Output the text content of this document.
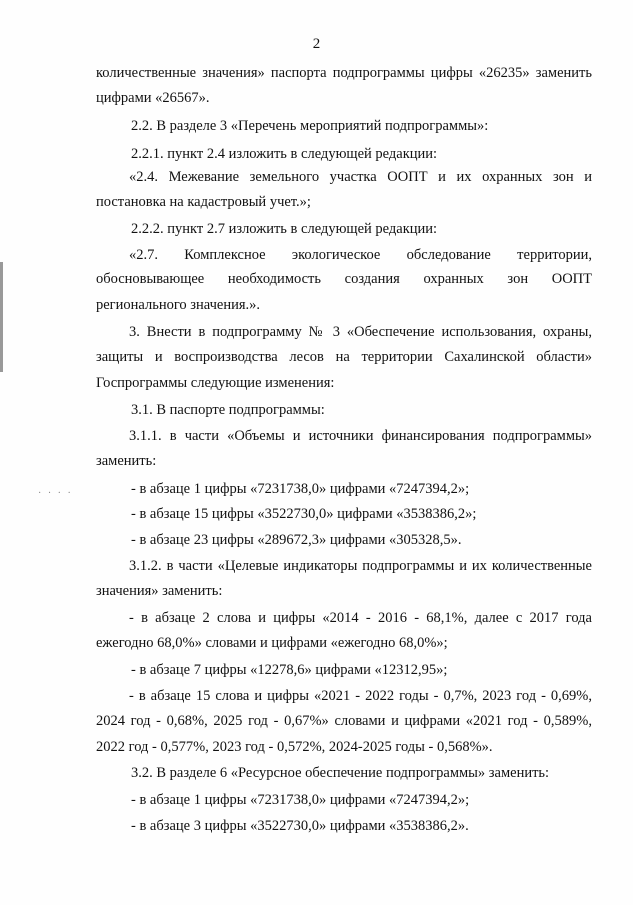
2
· · · ·
количественные значения» паспорта подпрограммы цифры «26235» заменить
цифрами «26567».
2.2. В разделе 3 «Перечень мероприятий подпрограммы»:
2.2.1. пункт 2.4 изложить в следующей редакции:
«2.4. Межевание земельного участка ООПТ и их охранных зон и
постановка на кадастровый учет.»;
2.2.2. пункт 2.7 изложить в следующей редакции:
«2.7. Комплексное экологическое обследование территории,
обосновывающее необходимость создания охранных зон ООПТ
регионального значения.».
3. Внести в подпрограмму № 3 «Обеспечение использования, охраны,
защиты и воспроизводства лесов на территории Сахалинской области»
Госпрограммы следующие изменения:
3.1. В паспорте подпрограммы:
3.1.1. в части «Объемы и источники финансирования подпрограммы»
заменить:
- в абзаце 1 цифры «7231738,0» цифрами «7247394,2»;
- в абзаце 15 цифры «3522730,0» цифрами «3538386,2»;
- в абзаце 23 цифры «289672,3» цифрами «305328,5».
3.1.2. в части «Целевые индикаторы подпрограммы и их количественные
значения» заменить:
- в абзаце 2 слова и цифры «2014 - 2016 - 68,1%, далее с 2017 года
ежегодно 68,0%» словами и цифрами «ежегодно 68,0%»;
- в абзаце 7 цифры «12278,6» цифрами «12312,95»;
- в абзаце 15 слова и цифры «2021 - 2022 годы - 0,7%, 2023 год - 0,69%,
2024 год - 0,68%, 2025 год - 0,67%» словами и цифрами «2021 год - 0,589%,
2022 год - 0,577%, 2023 год - 0,572%, 2024-2025 годы - 0,568%».
3.2. В разделе 6 «Ресурсное обеспечение подпрограммы» заменить:
- в абзаце 1 цифры «7231738,0» цифрами «7247394,2»;
- в абзаце 3 цифры «3522730,0» цифрами «3538386,2».
